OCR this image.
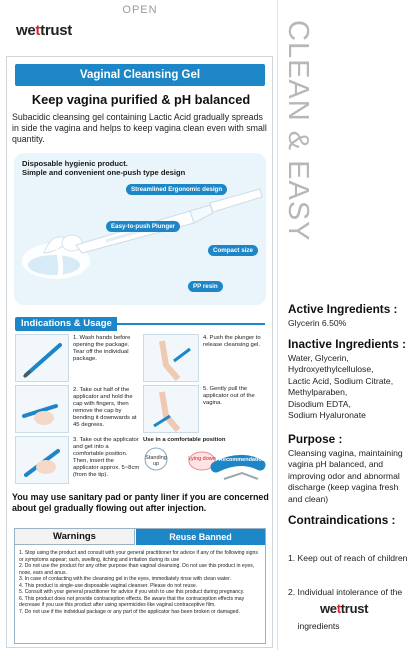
OPEN
wettrust
Vaginal Cleansing Gel
Keep vagina purified & pH balanced
Subacidic cleansing gel containing Lactic Acid gradually spreads in side the vagina and helps to keep vagina clean even with small quantity.
Disposable hygienic product.
Simple and convenient one-push type design
Streamlined Ergonomic design
Easy-to-push Plunger
Compact size
PP resin
Indications & Usage
1. Wash hands before opening the package. Tear off the individual package.
2. Take out half of the applicator and hold the cap with fingers, then remove the cap by bending it downwards at 45 degrees.
3. Take out the applicator and get into a comfortable position. Then, insert the applicator approx. 5~8cm (from the tip).
4. Push the plunger to release cleansing gel.
5. Gently pull the applicator out of the vagina.
Use in a comfortable position
Standing up
Lying down Recommendation
You may use sanitary pad or panty liner if you are concerned about gel gradually flowing out after injection.
Warnings	Reuse Banned
1. Stop using the product and consult with your general practitioner for advice if any of the following signs or symptoms appear; rash, swelling, itching and irritation during its use
2. Do not use the product for any other purpose than vaginal cleansing. Do not use this product in eyes, nose, ears and anus.
3. In case of contacting with the cleansing gel in the eyes, immediately rinse with clean water.
4. This product is single-use disposable vaginal cleanser. Please do not reuse.
5. Consult with your general practitioner for advice if you wish to use this product during pregnancy.
6. This product does not provide contraception effects. Be aware that the contraception effects may decrease if you use this product after using spermicides like vaginal contraceptive film.
7. Do not use if the individual package or any part of the applicator has been broken or damaged.
CLEAN & EASY
Active Ingredients :
Glycerin 6.50%
Inactive Ingredients :
Water, Glycerin,
Hydroxyethylcellulose,
Lactic Acid, Sodium Citrate,
Methylparaben,
Disodium EDTA,
Sodium Hyaluronate
Purpose :
Cleansing vagina, maintaining
vagina pH balanced, and
improving odor and abnormal
discharge (keep vagina fresh
and clean)
Contraindications :

1. Keep out of reach of children

2. Individual intolerance of the

ingredients

wettrust
